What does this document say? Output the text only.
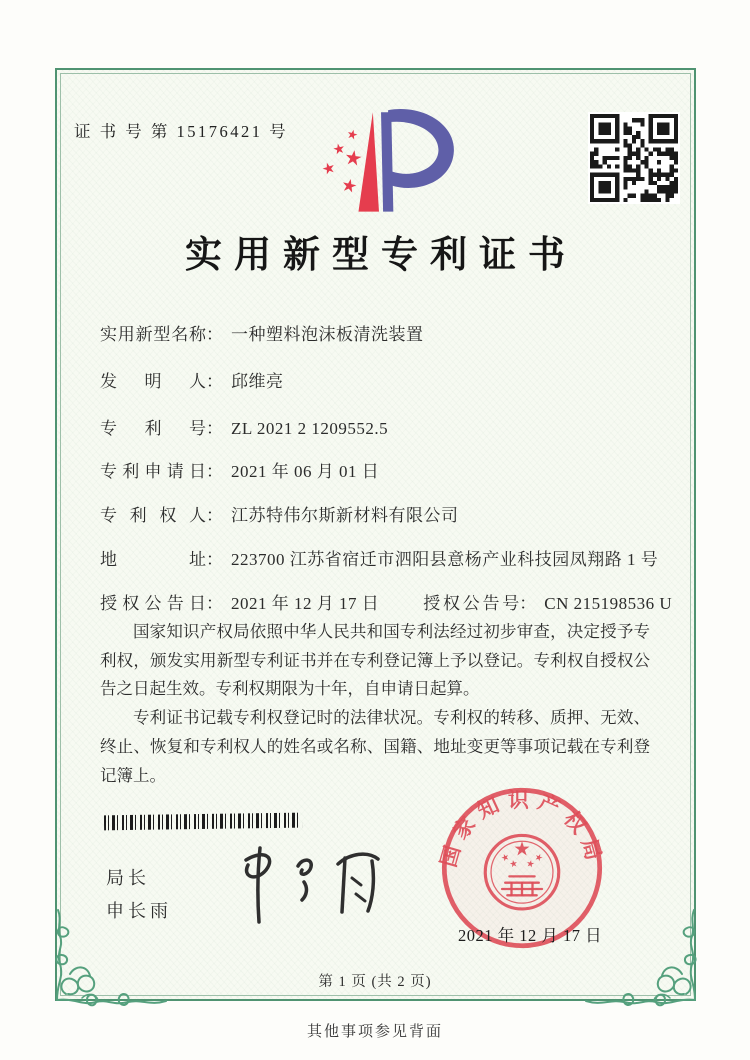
证 书 号 第 15176421 号
实用新型专利证书
实用新型名称： 一种塑料泡沫板清洗装置
发明人： 邱维亮
专利号： ZL 2021 2 1209552.5
专利申请日： 2021 年 06 月 01 日
专利权人： 江苏特伟尔斯新材料有限公司
地址： 223700 江苏省宿迁市泗阳县意杨产业科技园凤翔路 1 号
授权公告日： 2021 年 12 月 17 日	授权公告号： CN 215198536 U

国家知识产权局依照中华人民共和国专利法经过初步审查，决定授予专利权，颁发实用新型专利证书并在专利登记簿上予以登记。专利权自授权公告之日起生效。专利权期限为十年，自申请日起算。

专利证书记载专利权登记时的法律状况。专利权的转移、质押、无效、终止、恢复和专利权人的姓名或名称、国籍、地址变更等事项记载在专利登记簿上。

局长
申长雨
国家知识产权局
2021 年 12 月 17 日
第 1 页 (共 2 页)
其他事项参见背面
